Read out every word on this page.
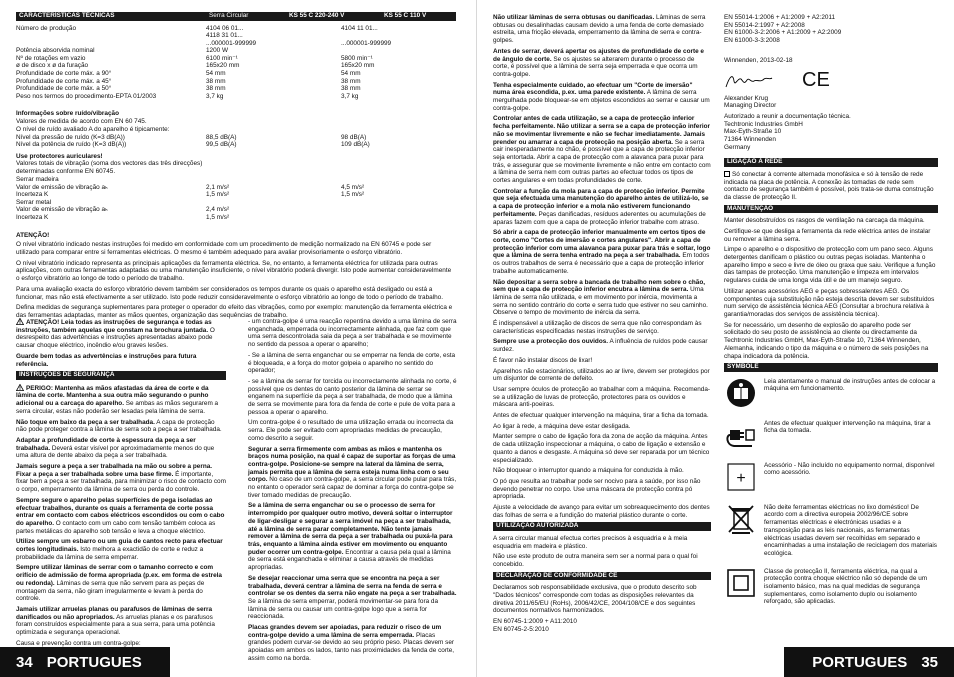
CARACTERÍSTICAS TÉCNICAS	Serra Circular	KS 55 C 220-240 V	KS 55 C 110 V
Número de produção	4104 06 01...	4104 11 01...
4118 31 01...
...000001-999999	...000001-999999
Potência absorvida nominal	1200 W
Nº de rotações em vazio	6100 min⁻¹	5800 min⁻¹
ø de disco x ø da furação	165x20 mm	165x20 mm
Profundidade de corte máx. a 90°	54 mm	54 mm
Profundidade de corte máx. a 45°	38 mm	38 mm
Profundidade de corte máx. a 50°	38 mm	38 mm
Peso nos termos do procedimento-EPTA 01/2003	3,7 kg	3,7 kg
Informações sobre ruído/vibração
Valores de medida de acordo com EN 60 745.
O nível de ruído avaliado A do aparelho é tipicamente:
Nível da pressão de ruído (K=3 dB(A))	88,5 dB(A)	98 dB(A)
Nível da potência de ruído (K=3 dB(A))	99,5 dB(A)	109 dB(A)
Use protectores auriculares!
Valores totais de vibração (soma dos vectores das três direcções)
determinadas conforme EN 60745.
Serrar madeira
Valor de emissão de vibração aₕ	2,1 m/s²	4,5 m/s²
Incerteza K	1,5 m/s²	1,5 m/s²
Serrar metal
Valor de emissão de vibração aₕ	2,4 m/s²
Incerteza K	1,5 m/s²
ATENÇÃO!

O nível vibratório indicado nestas instruções foi medido em conformidade com um procedimento de medição normalizado na EN 60745 e pode ser utilizado para comparar entre si ferramentas eléctricas. O mesmo é também adequado para avaliar provisoriamente o esforço vibratório.

O nível vibratório indicado representa as principais aplicações da ferramenta eléctrica. Se, no entanto, a ferramenta eléctrica for utilizada para outras aplicações, com outras ferramentas adaptadas ou uma manutenção insuficiente, o nível vibratório poderá divergir. Isto pode aumentar consideravelmente o esforço vibratório ao longo de todo o período de trabalho.

Para uma avaliação exacta do esforço vibratório devem também ser considerados os tempos durante os quais o aparelho está desligado ou está a funcionar, mas não está efectivamente a ser utilizado. Isto pode reduzir consideravelmente o esforço vibratório ao longo de todo o período de trabalho.

Defina medidas de segurança suplementares para proteger o operador do efeito das vibrações, como por exemplo: manutenção da ferramenta eléctrica e das ferramentas adaptadas, manter as mãos quentes, organização das sequências de trabalho.

ATENÇÃO! Leia todas as instruções de segurança e todas as instruções, também aquelas que constam na brochura juntada. O desrespeito das advertências e instruções apresentadas abaixo pode causar choque eléctrico, incêndio e/ou graves lesões.

Guarde bem todas as advertências e instruções para futura referência.

INSTRUÇÕES DE SEGURANÇA

PERIGO: Mantenha as mãos afastadas da área de corte e da lâmina de corte. Mantenha a sua outra mão segurando o punho adicional ou a carcaça do aparelho. Se ambas as mãos segurarem a serra circular, estas não poderão ser lesadas pela lâmina de serra.

Não toque em baixo da peça a ser trabalhada. A capa de protecção não pode proteger contra a lâmina de serra sob a peça a ser trabalhada.

Adaptar a profundidade de corte à espessura da peça a ser trabalhada. Deverá estar visível por aproximadamente menos do que uma altura de dente abaixo da peça a ser trabalhada.

Jamais segure a peça a ser trabalhada na mão ou sobre a perna. Fixar a peça a ser trabalhada sobre uma base firme. É importante, fixar bem a peça a ser trabalhada, para minimizar o risco de contacto com o corpo, emperramento da lâmina de serra ou perda do controle.

Sempre segure o aparelho pelas superfícies de pega isoladas ao efectuar trabalhos, durante os quais a ferramenta de corte possa entrar em contacto com cabos eléctricos escondidos ou com o cabo do aparelho. O contacto com um cabo com tensão também coloca as partes metálicas do aparelho sob tensão e leva a choque eléctrico.

Utilize sempre um esbarro ou um guia de cantos recto para efectuar cortes longitudinais. Isto melhora a exactidão de corte e reduz a probabilidade da lâmina de serra emperrar.

Sempre utilizar lâminas de serrar com o tamanho correcto e com orifício de admissão de forma apropriada (p.ex. em forma de estrela ou redonda). Lâminas de serra que não servem para as peças de montagem da serra, não giram irregularmente e levam à perda do controle.

Jamais utilizar arruelas planas ou parafusos de lâminas de serra danificados ou não apropriados. As arruelas planas e os parafusos foram construídos especialmente para a sua serra, para uma potência optimizada e segurança operacional.

Causa e prevenção contra um contra-golpe:

- um contra-golpe é uma reacção repentina devido a uma lâmina de serra enganchada, emperrada ou incorrectamente alinhada, que faz com que uma serra descontrolada saia da peça a ser trabalhada e se movimente no sentido da pessoa a operar o aparelho;

- Se a lâmina de serra enganchar ou se emperrar na fenda de corte, esta é bloqueada, e a força do motor golpeia o aparelho no sentido do operador;

- se a lâmina de serrar for torcida ou incorrectamente alinhada no corte, é possível que os dentes do canto posterior da lâmina de serrar se enganem na superfície da peça a ser trabalhada, de modo que a lâmina de serra se movimente para fora da fenda de corte e pule de volta para a pessoa a operar o aparelho.

Um contra-golpe é o resultado de uma utilização errada ou incorrecta da serra. Ele pode ser evitado com apropriadas medidas de precaução, como descrito a seguir.

Segurar a serra firmemente com ambas as mãos e mantenha os braços numa posição, na qual é capaz de suportar as forças de uma contra-golpe. Posicione-se sempre na lateral da lâmina de serra, jamais permita que a lâmina de serra esteja numa linha com o seu corpo. No caso de um contra-golpe, a serra circular pode pular para trás, no entanto o operador será capaz de dominar a força do contra-golpe se tiver tomado medidas de precaução.

Se a lâmina de serra enganchar ou se o processo de serra for interrompido por qualquer outro motivo, deverá soltar o interruptor de ligar-desligar e segurar a serra imóvel na peça a ser trabalhada, até a lâmina de serra parar completamente. Não tente jamais remover a lâmina de serra da peça a ser trabalhada ou puxá-la para trás, enquanto a lâmina ainda estiver em movimento ou enquanto puder ocorrer um contra-golpe. Encontrar a causa pela qual a lâmina de serra está enganchada e eliminar a causa através de medidas apropriadas.

Se desejar reaccionar uma serra que se encontra na peça a ser trabalhada, deverá centrar a lâmina de serra na fenda de serra e controlar se os dentes da serra não engate na peça a ser trabalhada. Se a lâmina de serra emperrar, poderá movimentar-se para fora da lâmina de serra ou causar um contra-golpe logo que a serra for reaccionada.

Placas grandes devem ser apoiadas, para reduzir o risco de um contra-golpe devido a uma lâmina de serra emperrada. Placas grandes podem curvar-se devido ao seu próprio peso. Placas devem ser apoiadas em ambos os lados, tanto nas proximidades da fenda de corte, assim como na borda.

34 PORTUGUES

Não utilizar lâminas de serra obtusas ou danificadas. Lâminas de serra obtusas ou desalinhadas causam devido a uma fenda de corte demasiado estreita, uma fricção elevada, emperramento da lâmina de serra e contra-golpes.

Antes de serrar, deverá apertar os ajustes de profundidade de corte e de ângulo de corte. Se os ajustes se alterarem durante o processo de corte, é possível que a lâmina de serra seja emperrada e que ocorra um contra-golpe.

Tenha especialmente cuidado, ao efectuar um "Corte de imersão" numa área escondida, p.ex. uma parede existente. A lâmina de serra mergulhada pode bloquear-se em objetos escondidos ao serrar e causar um contra-golpe.

Controlar antes de cada utilização, se a capa de protecção inferior fecha perfeitamente. Não utilizar a serra se a capa de protecção inferior não se movimentar livremente e não se fechar imediatamente. Jamais prender ou amarrar a capa de protecção na posição aberta. Se a serra cair inesperadamente no chão, é possível que a capa de protecção inferior seja entortada. Abrir a capa de protecção com a alavanca para puxar para trás, e assegurar que se movimente livremente e não entre em contacto com a lâmina de serra nem com outras partes ao efectuar todos os tipos de cortes angulares e em todas profundidades de corte.

Controlar a função da mola para a capa de protecção inferior. Permite que seja efectuada uma manutenção do aparelho antes de utilizá-lo, se a capa de protecção inferior e a mola não estiverem funcionando perfeitamente. Peças danificadas, resíduos aderentes ou acumulações de aparas fazem com que a capa de protecção inferior trabalhe com atraso.

Só abrir a capa de protecção inferior manualmente em certos tipos de corte, como "Cortes de imersão e cortes angulares". Abrir a capa de protecção inferior com uma alavanca para puxar para trás e soltar, logo que a lâmina de serra tenha entrado na peça a ser trabalhada. Em todos os outros trabalhos de serra é necessário que a capa de protecção inferior trabalhe automaticamente.

Não depositar a serra sobre a bancada de trabalho nem sobre o chão, sem que a capa de protecção inferior encubra a lâmina de serra. Uma lâmina de serra não utilizada, e em movimento por inércia, movimenta a serra no sentido contrário do corte e serra tudo que estiver no seu caminho. Observe o tempo de movimento de inércia da serra.

É indispensável a utilização de discos de serra que não correspondam às características especificadas nestas instruções de serviço.

Sempre use a protecção dos ouvidos. A influência de ruídos pode causar surdez.

É favor não instalar discos de lixar!

Aparelhos não estacionários, utilizados ao ar livre, devem ser protegidos por um disjuntor de corrente de defeito.

Usar sempre óculos de protecção ao trabalhar com a máquina. Recomenda-se a utilização de luvas de protecção, protectores para os ouvidos e máscara anti-poeiras.

Antes de efectuar qualquer intervenção na máquina, tirar a ficha da tomada.

Ao ligar à rede, a máquina deve estar desligada.

Manter sempre o cabo de ligação fora da zona de acção da máquina. Antes de cada utilização inspeccionar a máquina, o cabo de ligação e extensão e quanto a danos e desgaste. A máquina só deve ser reparada por um técnico especializado.

Não bloquear o interruptor quando a máquina for conduzida à mão.

O pó que resulta ao trabalhar pode ser nocivo para a saúde, por isso não devendo penetrar no corpo. Use uma máscara de protecção contra pó apropriada.

Ajuste a velocidade de avanço para evitar um sobreaquecimento dos dentes das folhas de serra e a fundição do material plástico durante o corte.

UTILIZAÇÃO AUTORIZADA

A serra circular manual efectua cortes precisos à esquadria e à meia esquadria em madeira e plástico.

Não use este produto de outra maneira sem ser a normal para o qual foi concebido.

DECLARAÇÃO DE CONFORMIDADE CE

Declaramos sob responsabilidade exclusiva, que o produto descrito sob "Dados técnicos" corresponde com todas as disposições relevantes da diretiva 2011/65/EU (RoHs), 2006/42/CE, 2004/108/CE e dos seguintes documentos normativos harmonizados.

EN 60745-1:2009 + A11:2010
EN 60745-2-5:2010
EN 55014-1:2006 + A1:2009 + A2:2011
EN 55014-2:1997 + A2:2008
EN 61000-3-2:2006 + A1:2009 + A2:2009
EN 61000-3-3:2008
Winnenden, 2013-02-18
CE
Alexander Krug
Managing Director
Autorizado a reunir a documentação técnica.
Techtronic Industries GmbH
Max-Eyth-Straße 10
71364 Winnenden
Germany
LIGAÇÃO À REDE

Só conectar à corrente alternada monofásica e só à tensão de rede indicada na placa de potência. A conexão às tomadas de rede sem contacto de segurança também é possível, pois trata-se duma construção da classe de protecção II.

MANUTENÇÃO

Manter desobstruídos os rasgos de ventilação na carcaça da máquina.

Certifique-se que desliga a ferramenta da rede eléctrica antes de instalar ou remover a lâmina serra.

Limpe o aparelho e o dispositivo de protecção com um pano seco. Alguns detergentes danificam o plástico ou outras peças isoladas. Mantenha o aparelho limpo e seco e livre de óleo ou graxa que saiu. Verifique a função das tampas de protecção. Uma manutenção e limpeza em intervalos regulares cuida de uma longa vida útil e de um manejo seguro.

Utilizar apenas acessórios AEG e peças sobressalentes AEG. Os componentes cuja substituição não esteja descrita devem ser substituídos num serviço de assistência técnica AEG (Consultar a brochura relativa à garantia/moradas dos serviços de assistência técnica).

Se for necessário, um desenho de explosão do aparelho pode ser solicitado do seu posto de assistência ao cliente ou directamente da Techtronic Industries GmbH, Max-Eyth-Straße 10, 71364 Winnenden, Alemanha, indicando o tipo da máquina e o número de seis posições na chapa indicadora da potência.

SYMBOLE
Leia atentamente o manual de instruções antes de colocar a máquina em funcionamento.
Antes de efectuar qualquer intervenção na máquina, tirar a ficha da tomada.
+
Acessório - Não incluído no equipamento normal, disponível como acessório.
Não deite ferramentas eléctricas no lixo doméstico! De acordo com a directiva europeia 2002/96/CE sobre ferramentas eléctricas e electrónicas usadas e a transposição para as leis nacionais, as ferramentas eléctricas usadas devem ser recolhidas em separado e encaminhadas a uma instalação de reciclagem dos materiais ecológica.
Classe de protecção II, ferramenta eléctrica, na qual a protecção contra choque eléctrico não só depende de um isolamento básico, mas na qual medidas de segurança suplementares, como isolamento duplo ou isolamento reforçado, são aplicadas.
PORTUGUES 35
